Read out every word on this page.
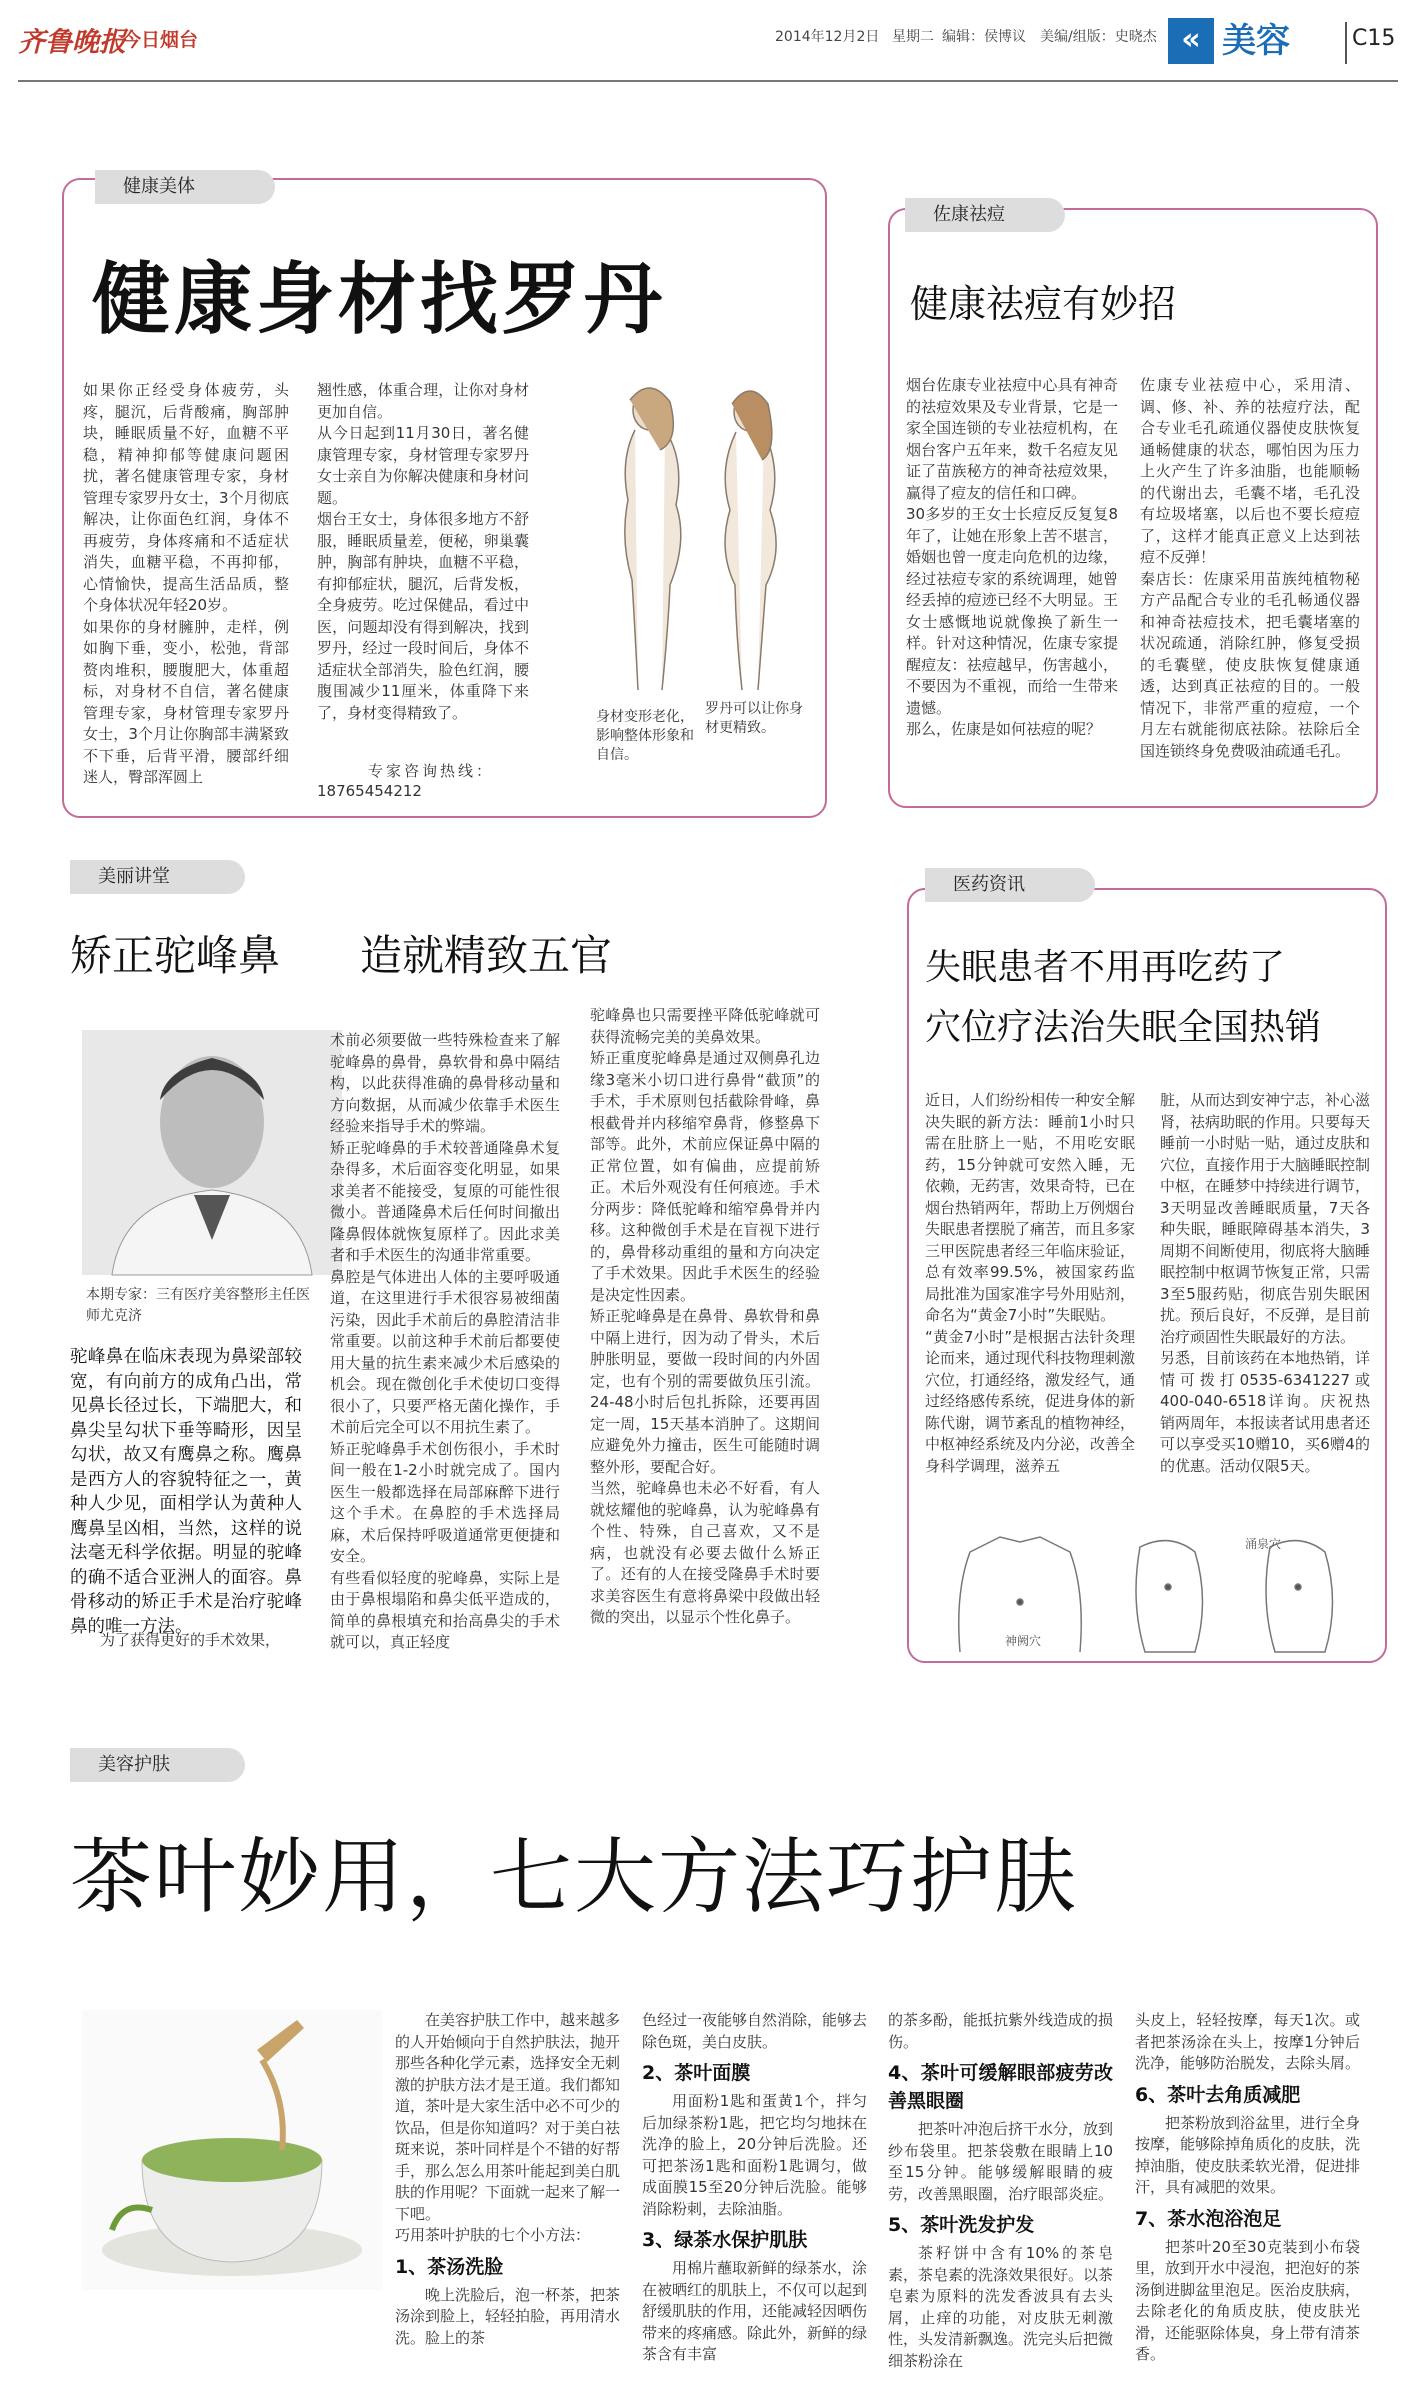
齐鲁晚报
今日烟台	2014年12月2日 星期二 编辑：侯博议 美编/组版：史晓杰 « 美容	C15
健康美体
健康身材找罗丹
如果你正经受身体疲劳，头疼，腿沉，后背酸痛，胸部肿块，睡眠质量不好，血糖不平稳，精神抑郁等健康问题困扰，著名健康管理专家，身材管理专家罗丹女士，3个月彻底解决，让你面色红润，身体不再疲劳，身体疼痛和不适症状消失，血糖平稳，不再抑郁，心情愉快，提高生活品质，整个身体状况年轻20岁。
如果你的身材臃肿，走样，例如胸下垂，变小，松弛，背部赘肉堆积，腰腹肥大，体重超标，对身材不自信，著名健康管理专家，身材管理专家罗丹女士，3个月让你胸部丰满紧致不下垂，后背平滑，腰部纤细迷人，臀部浑圆上
翘性感，体重合理，让你对身材更加自信。
从今日起到11月30日，著名健康管理专家，身材管理专家罗丹女士亲自为你解决健康和身材问题。
烟台王女士，身体很多地方不舒服，睡眠质量差，便秘，卵巢囊肿，胸部有肿块，血糖不平稳，有抑郁症状，腿沉，后背发板，全身疲劳。吃过保健品，看过中医，问题却没有得到解决，找到罗丹，经过一段时间后，身体不适症状全部消失，脸色红润，腰腹围减少11厘米，体重降下来了，身材变得精致了。
专家咨询热线：
18765454212
身材变形老化，影响整体形象和自信。
罗丹可以让你身材更精致。
佐康祛痘
健康祛痘有妙招
烟台佐康专业祛痘中心具有神奇的祛痘效果及专业背景，它是一家全国连锁的专业祛痘机构，在烟台客户五年来，数千名痘友见证了苗族秘方的神奇祛痘效果，赢得了痘友的信任和口碑。
30多岁的王女士长痘反反复复8年了，让她在形象上苦不堪言，婚姻也曾一度走向危机的边缘，经过祛痘专家的系统调理，她曾经丢掉的痘迹已经不大明显。王女士感慨地说就像换了新生一样。针对这种情况，佐康专家提醒痘友：祛痘越早，伤害越小，不要因为不重视，而给一生带来遗憾。
那么，佐康是如何祛痘的呢？
佐康专业祛痘中心，采用清、调、修、补、养的祛痘疗法，配合专业毛孔疏通仪器使皮肤恢复通畅健康的状态，哪怕因为压力上火产生了许多油脂，也能顺畅的代谢出去，毛囊不堵，毛孔没有垃圾堵塞，以后也不要长痘痘了，这样才能真正意义上达到祛痘不反弹！
秦店长：佐康采用苗族纯植物秘方产品配合专业的毛孔畅通仪器和神奇祛痘技术，把毛囊堵塞的状况疏通，消除红肿，修复受损的毛囊壁，使皮肤恢复健康通透，达到真正祛痘的目的。一般情况下，非常严重的痘痘，一个月左右就能彻底祛除。祛除后全国连锁终身免费吸油疏通毛孔。
美丽讲堂
矫正驼峰鼻 造就精致五官
本期专家：三有医疗美容整形主任医师尤克济
驼峰鼻在临床表现为鼻梁部较宽，有向前方的成角凸出，常见鼻长径过长，下端肥大，和鼻尖呈勾状下垂等畸形，因呈勾状，故又有鹰鼻之称。鹰鼻是西方人的容貌特征之一，黄种人少见，面相学认为黄种人鹰鼻呈凶相，当然，这样的说法毫无科学依据。明显的驼峰的确不适合亚洲人的面容。鼻骨移动的矫正手术是治疗驼峰鼻的唯一方法。
为了获得更好的手术效果，
术前必须要做一些特殊检查来了解驼峰鼻的鼻骨，鼻软骨和鼻中隔结构，以此获得准确的鼻骨移动量和方向数据，从而减少依靠手术医生经验来指导手术的弊端。
矫正驼峰鼻的手术较普通隆鼻术复杂得多，术后面容变化明显，如果求美者不能接受，复原的可能性很微小。普通隆鼻术后任何时间撤出隆鼻假体就恢复原样了。因此求美者和手术医生的沟通非常重要。
鼻腔是气体进出人体的主要呼吸通道，在这里进行手术很容易被细菌污染，因此手术前后的鼻腔清洁非常重要。以前这种手术前后都要使用大量的抗生素来减少术后感染的机会。现在微创化手术使切口变得很小了，只要严格无菌化操作，手术前后完全可以不用抗生素了。
矫正驼峰鼻手术创伤很小，手术时间一般在1-2小时就完成了。国内医生一般都选择在局部麻醉下进行这个手术。在鼻腔的手术选择局麻，术后保持呼吸道通常更便捷和安全。
有些看似轻度的驼峰鼻，实际上是由于鼻根塌陷和鼻尖低平造成的，简单的鼻根填充和抬高鼻尖的手术就可以，真正轻度
驼峰鼻也只需要挫平降低驼峰就可获得流畅完美的美鼻效果。
矫正重度驼峰鼻是通过双侧鼻孔边缘3毫米小切口进行鼻骨“截顶”的手术，手术原则包括截除骨峰，鼻根截骨并内移缩窄鼻背，修整鼻下部等。此外，术前应保证鼻中隔的正常位置，如有偏曲，应提前矫正。术后外观没有任何痕迹。手术分两步：降低驼峰和缩窄鼻骨并内移。这种微创手术是在盲视下进行的，鼻骨移动重组的量和方向决定了手术效果。因此手术医生的经验是决定性因素。
矫正驼峰鼻是在鼻骨、鼻软骨和鼻中隔上进行，因为动了骨头，术后肿胀明显，要做一段时间的内外固定，也有个别的需要做负压引流。24-48小时后包扎拆除，还要再固定一周，15天基本消肿了。这期间应避免外力撞击，医生可能随时调整外形，要配合好。
当然，驼峰鼻也未必不好看，有人就炫耀他的驼峰鼻，认为驼峰鼻有个性、特殊，自己喜欢，又不是病，也就没有必要去做什么矫正了。还有的人在接受隆鼻手术时要求美容医生有意将鼻梁中段做出轻微的突出，以显示个性化鼻子。
医药资讯
失眠患者不用再吃药了
穴位疗法治失眠全国热销
近日，人们纷纷相传一种安全解决失眠的新方法：睡前1小时只需在肚脐上一贴，不用吃安眠药，15分钟就可安然入睡，无依赖，无药害，效果奇特，已在烟台热销两年，帮助上万例烟台失眠患者摆脱了痛苦，而且多家三甲医院患者经三年临床验证，总有效率99.5%，被国家药监局批准为国家准字号外用贴剂，命名为“黄金7小时”失眠贴。
“黄金7小时”是根据古法针灸理论而来，通过现代科技物理刺激穴位，打通经络，激发经气，通过经络感传系统，促进身体的新陈代谢，调节紊乱的植物神经，中枢神经系统及内分泌，改善全身科学调理，滋养五
脏，从而达到安神宁志，补心滋肾，祛病助眠的作用。只要每天睡前一小时贴一贴，通过皮肤和穴位，直接作用于大脑睡眠控制中枢，在睡梦中持续进行调节，3天明显改善睡眠质量，7天各种失眠，睡眠障碍基本消失，3周期不间断使用，彻底将大脑睡眠控制中枢调节恢复正常，只需3至5服药贴，彻底告别失眠困扰。预后良好，不反弹，是目前治疗顽固性失眠最好的方法。
另悉，目前该药在本地热销，详情可拨打0535-6341227或400-040-6518详询。庆祝热销两周年，本报读者试用患者还可以享受买10赠10，买6赠4的的优惠。活动仅限5天。
神阙穴
涌泉穴
美容护肤
茶叶妙用，七大方法巧护肤
在美容护肤工作中，越来越多的人开始倾向于自然护肤法，抛开那些各种化学元素，选择安全无刺激的护肤方法才是王道。我们都知道，茶叶是大家生活中必不可少的饮品，但是你知道吗？对于美白祛斑来说，茶叶同样是个不错的好帮手，那么怎么用茶叶能起到美白肌肤的作用呢？下面就一起来了解一下吧。
巧用茶叶护肤的七个小方法：
1、茶汤洗脸
晚上洗脸后，泡一杯茶，把茶汤涂到脸上，轻轻拍脸，再用清水洗。脸上的茶
色经过一夜能够自然消除，能够去除色斑，美白皮肤。
2、茶叶面膜
用面粉1匙和蛋黄1个，拌匀后加绿茶粉1匙，把它均匀地抹在洗净的脸上，20分钟后洗脸。还可把茶汤1匙和面粉1匙调匀，做成面膜15至20分钟后洗脸。能够消除粉刺，去除油脂。
3、绿茶水保护肌肤
用棉片蘸取新鲜的绿茶水，涂在被晒红的肌肤上，不仅可以起到舒缓肌肤的作用，还能减轻因晒伤带来的疼痛感。除此外，新鲜的绿茶含有丰富
的茶多酚，能抵抗紫外线造成的损伤。
4、茶叶可缓解眼部疲劳改善黑眼圈
把茶叶冲泡后挤干水分，放到纱布袋里。把茶袋敷在眼睛上10至15分钟。能够缓解眼睛的疲劳，改善黑眼圈，治疗眼部炎症。
5、茶叶洗发护发
茶籽饼中含有10%的茶皂素，茶皂素的洗涤效果很好。以茶皂素为原料的洗发香波具有去头屑，止痒的功能，对皮肤无刺激性，头发清新飘逸。洗完头后把微细茶粉涂在
头皮上，轻轻按摩，每天1次。或者把茶汤涂在头上，按摩1分钟后洗净，能够防治脱发，去除头屑。
6、茶叶去角质减肥
把茶粉放到浴盆里，进行全身按摩，能够除掉角质化的皮肤，洗掉油脂，使皮肤柔软光滑，促进排汗，具有减肥的效果。
7、茶水泡浴泡足
把茶叶20至30克装到小布袋里，放到开水中浸泡，把泡好的茶汤倒进脚盆里泡足。医治皮肤病，去除老化的角质皮肤，使皮肤光滑，还能驱除体臭，身上带有清茶香。
